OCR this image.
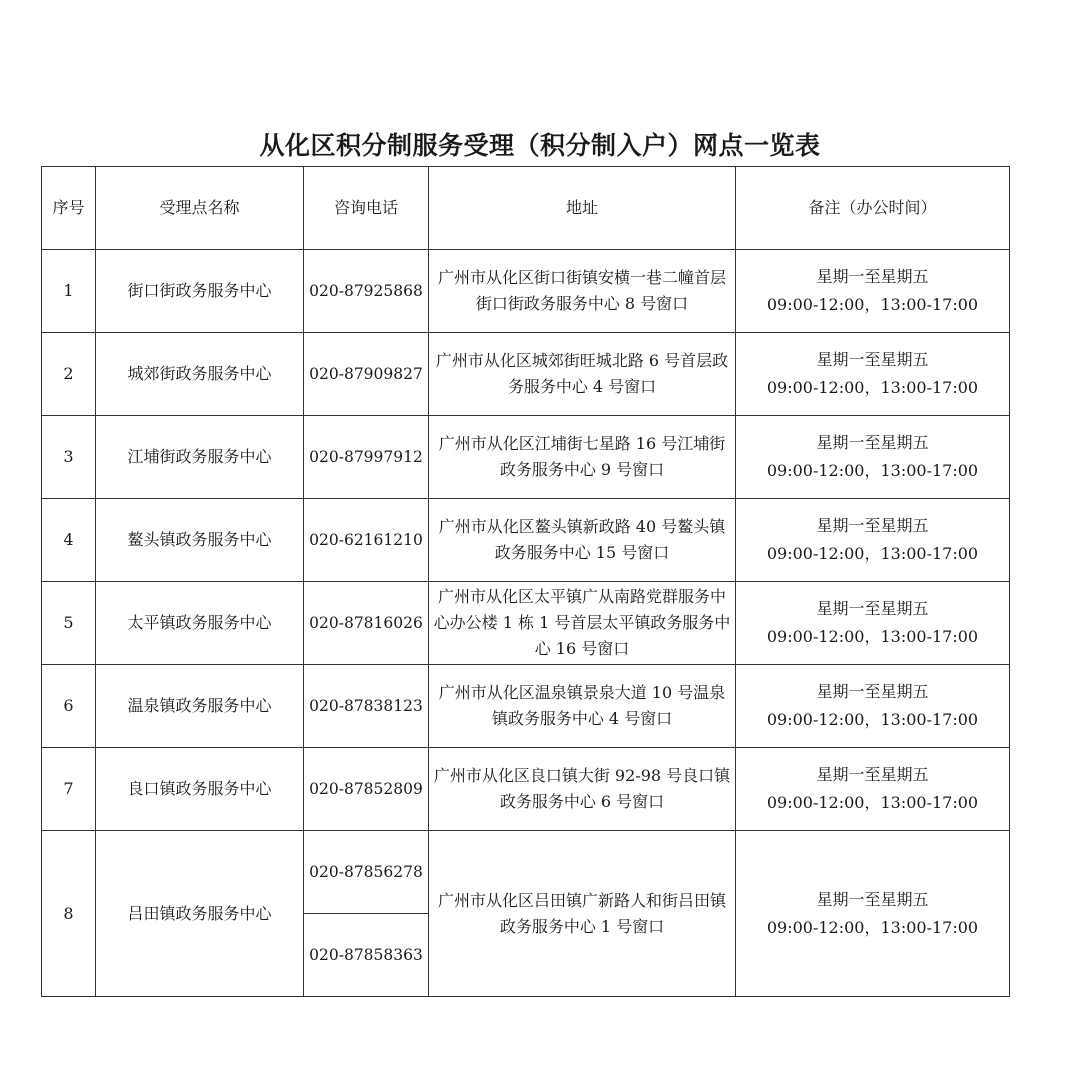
从化区积分制服务受理（积分制入户）网点一览表
序号	受理点名称	咨询电话	地址	备注（办公时间）
1	街口街政务服务中心	020-87925868	广州市从化区街口街镇安横一巷二幢首层街口街政务服务中心 8 号窗口	星期一至星期五
09:00-12:00，13:00-17:00

2	城郊街政务服务中心	020-87909827	广州市从化区城郊街旺城北路 6 号首层政务服务中心 4 号窗口	星期一至星期五
09:00-12:00，13:00-17:00

3	江埔街政务服务中心	020-87997912	广州市从化区江埔街七星路 16 号江埔街政务服务中心 9 号窗口	星期一至星期五
09:00-12:00，13:00-17:00

4	鳌头镇政务服务中心	020-62161210	广州市从化区鳌头镇新政路 40 号鳌头镇政务服务中心 15 号窗口	星期一至星期五
09:00-12:00，13:00-17:00

5	太平镇政务服务中心	020-87816026	广州市从化区太平镇广从南路党群服务中心办公楼 1 栋 1 号首层太平镇政务服务中心 16 号窗口	星期一至星期五
09:00-12:00，13:00-17:00

6	温泉镇政务服务中心	020-87838123	广州市从化区温泉镇景泉大道 10 号温泉镇政务服务中心 4 号窗口	星期一至星期五
09:00-12:00，13:00-17:00

7	良口镇政务服务中心	020-87852809	广州市从化区良口镇大街 92-98 号良口镇政务服务中心 6 号窗口	星期一至星期五
09:00-12:00，13:00-17:00

8	吕田镇政务服务中心	020-87856278	广州市从化区吕田镇广新路人和街吕田镇政务服务中心 1 号窗口	星期一至星期五
09:00-12:00，13:00-17:00

		020-87858363		
